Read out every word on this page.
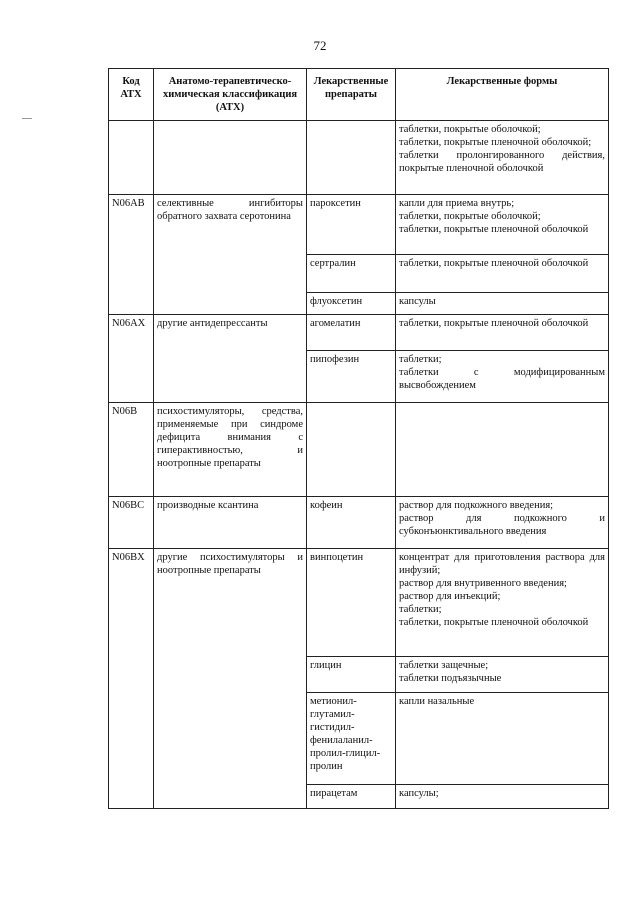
72
Код АТХ	Анатомо-терапевтическо-химическая классификация (АТХ)	Лекарственные препараты	Лекарственные формы

			таблетки, покрытые оболочкой;
таблетки, покрытые пленочной оболочкой;
таблетки пролонгированного действия, покрытые пленочной оболочкой

N06AB	селективные ингибиторы обратного захвата серотонина	пароксетин	капли для приема внутрь;
таблетки, покрытые оболочкой;
таблетки, покрытые пленочной оболочкой

		сертралин	таблетки, покрытые пленочной оболочкой

		флуоксетин	капсулы

N06AX	другие антидепрессанты	агомелатин	таблетки, покрытые пленочной оболочкой

		пипофезин	таблетки;
таблетки с модифицированным высвобождением

N06B	психостимуляторы, средства, применяемые при синдроме дефицита внимания с гиперактивностью, и ноотропные препараты		
N06BC	производные ксантина	кофеин	раствор для подкожного введения;
раствор для подкожного и субконъюнктивального введения

N06BX	другие психостимуляторы и ноотропные препараты	винпоцетин	концентрат для приготовления раствора для инфузий;
раствор для внутривенного введения;
раствор для инъекций;
таблетки;
таблетки, покрытые пленочной оболочкой

		глицин	таблетки защечные;
таблетки подъязычные

		метионил-глутамил-гистидил-фенилаланил-пролил-глицил-пролин	капли назальные

		пирацетам	капсулы;
